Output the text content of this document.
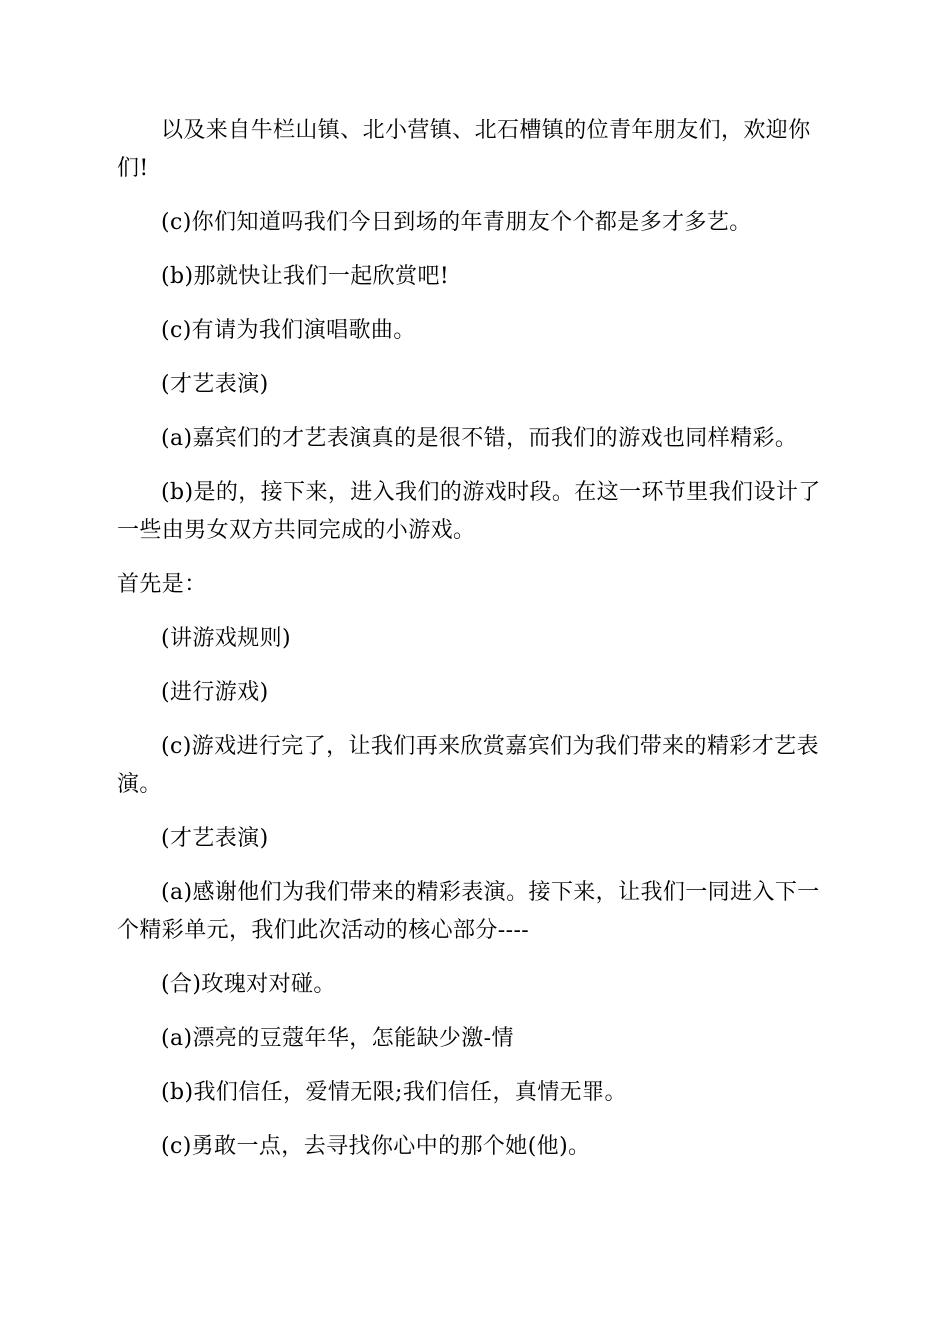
以及来自牛栏山镇、北小营镇、北石槽镇的位青年朋友们，欢迎你们!

(c)你们知道吗我们今日到场的年青朋友个个都是多才多艺。

(b)那就快让我们一起欣赏吧!

(c)有请为我们演唱歌曲。

(才艺表演)

(a)嘉宾们的才艺表演真的是很不错，而我们的游戏也同样精彩。

(b)是的，接下来，进入我们的游戏时段。在这一环节里我们设计了一些由男女双方共同完成的小游戏。

首先是：

(讲游戏规则)

(进行游戏)

(c)游戏进行完了，让我们再来欣赏嘉宾们为我们带来的精彩才艺表演。

(才艺表演)

(a)感谢他们为我们带来的精彩表演。接下来，让我们一同进入下一个精彩单元，我们此次活动的核心部分----

(合)玫瑰对对碰。

(a)漂亮的豆蔻年华，怎能缺少激-情

(b)我们信任，爱情无限;我们信任，真情无罪。

(c)勇敢一点，去寻找你心中的那个她(他)。
